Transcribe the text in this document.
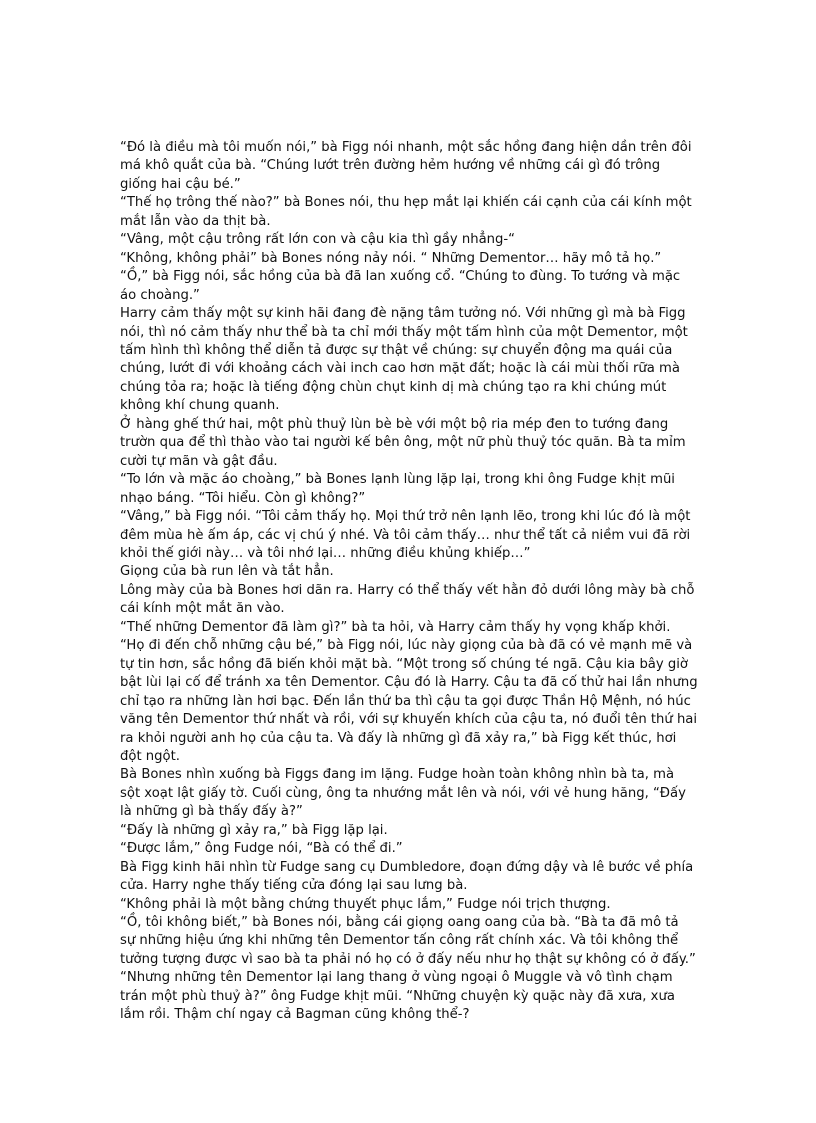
“Đó là điều mà tôi muốn nói,” bà Figg nói nhanh, một sắc hồng đang hiện dần trên đôi má khô quắt của bà. “Chúng lướt trên đường hẻm hướng về những cái gì đó trông giống hai cậu bé.”

“Thế họ trông thế nào?” bà Bones nói, thu hẹp mắt lại khiến cái cạnh của cái kính một mắt lẫn vào da thịt bà.

“Vâng, một cậu trông rất lớn con và cậu kia thì gầy nhẳng-“

“Không, không phải” bà Bones nóng nảy nói. “ Những Dementor… hãy mô tả họ.”

“Ồ,” bà Figg nói, sắc hồng của bà đã lan xuống cổ. “Chúng to đùng. To tướng và mặc áo choàng.”

Harry cảm thấy một sự kinh hãi đang đè nặng tâm tưởng nó. Với những gì mà bà Figg nói, thì nó cảm thấy như thể bà ta chỉ mới thấy một tấm hình của một Dementor, một tấm hình thì không thể diễn tả được sự thật về chúng: sự chuyển động ma quái của chúng, lướt đi với khoảng cách vài inch cao hơn mặt đất; hoặc là cái mùi thối rữa mà chúng tỏa ra; hoặc là tiếng động chùn chụt kinh dị mà chúng tạo ra khi chúng mút không khí chung quanh.

Ở hàng ghế thứ hai, một phù thuỷ lùn bè bè với một bộ ria mép đen to tướng đang trườn qua để thì thào vào tai người kế bên ông, một nữ phù thuỷ tóc quăn. Bà ta mỉm cười tự mãn và gật đầu.

“To lớn và mặc áo choàng,” bà Bones lạnh lùng lặp lại, trong khi ông Fudge khịt mũi nhạo báng. “Tôi hiểu. Còn gì không?”

“Vâng,” bà Figg nói. “Tôi cảm thấy họ. Mọi thứ trở nên lạnh lẽo, trong khi lúc đó là một đêm mùa hè ấm áp, các vị chú ý nhé. Và tôi cảm thấy… như thể tất cả niềm vui đã rời khỏi thế giới này… và tôi nhớ lại… những điều khủng khiếp…”

Giọng của bà run lên và tắt hẳn.

Lông mày của bà Bones hơi dãn ra. Harry có thể thấy vết hằn đỏ dưới lông mày bà chỗ cái kính một mắt ăn vào.

“Thế những Dementor đã làm gì?” bà ta hỏi, và Harry cảm thấy hy vọng khấp khởi.

“Họ đi đến chỗ những cậu bé,” bà Figg nói, lúc này giọng của bà đã có vẻ mạnh mẽ và tự tin hơn, sắc hồng đã biến khỏi mặt bà. “Một trong số chúng té ngã. Cậu kia bây giờ bật lùi lại cố để tránh xa tên Dementor. Cậu đó là Harry. Cậu ta đã cố thử hai lần nhưng chỉ tạo ra những làn hơi bạc. Đến lần thứ ba thì cậu ta gọi được Thần Hộ Mệnh, nó húc văng tên Dementor thứ nhất và rồi, với sự khuyến khích của cậu ta, nó đuổi tên thứ hai ra khỏi người anh họ của cậu ta. Và đấy là những gì đã xảy ra,” bà Figg kết thúc, hơi đột ngột.

Bà Bones nhìn xuống bà Figgs đang im lặng. Fudge hoàn toàn không nhìn bà ta, mà sột xoạt lật giấy tờ. Cuối cùng, ông ta nhướng mắt lên và nói, với vẻ hung hăng, “Đấy là những gì bà thấy đấy à?”

“Đấy là những gì xảy ra,” bà Figg lặp lại.

“Được lắm,” ông Fudge nói, “Bà có thể đi.”

Bà Figg kinh hãi nhìn từ Fudge sang cụ Dumbledore, đoạn đứng dậy và lê bước về phía cửa. Harry nghe thấy tiếng cửa đóng lại sau lưng bà.

“Không phải là một bằng chứng thuyết phục lắm,” Fudge nói trịch thượng.

“Ồ, tôi không biết,” bà Bones nói, bằng cái giọng oang oang của bà. “Bà ta đã mô tả sự những hiệu ứng khi những tên Dementor tấn công rất chính xác. Và tôi không thể tưởng tượng được vì sao bà ta phải nó họ có ở đấy nếu như họ thật sự không có ở đấy.”

“Nhưng những tên Dementor lại lang thang ở vùng ngoại ô Muggle và vô tình chạm trán một phù thuỷ à?” ông Fudge khịt mũi. “Những chuyện kỳ quặc này đã xưa, xưa lắm rồi. Thậm chí ngay cả Bagman cũng không thể-?
